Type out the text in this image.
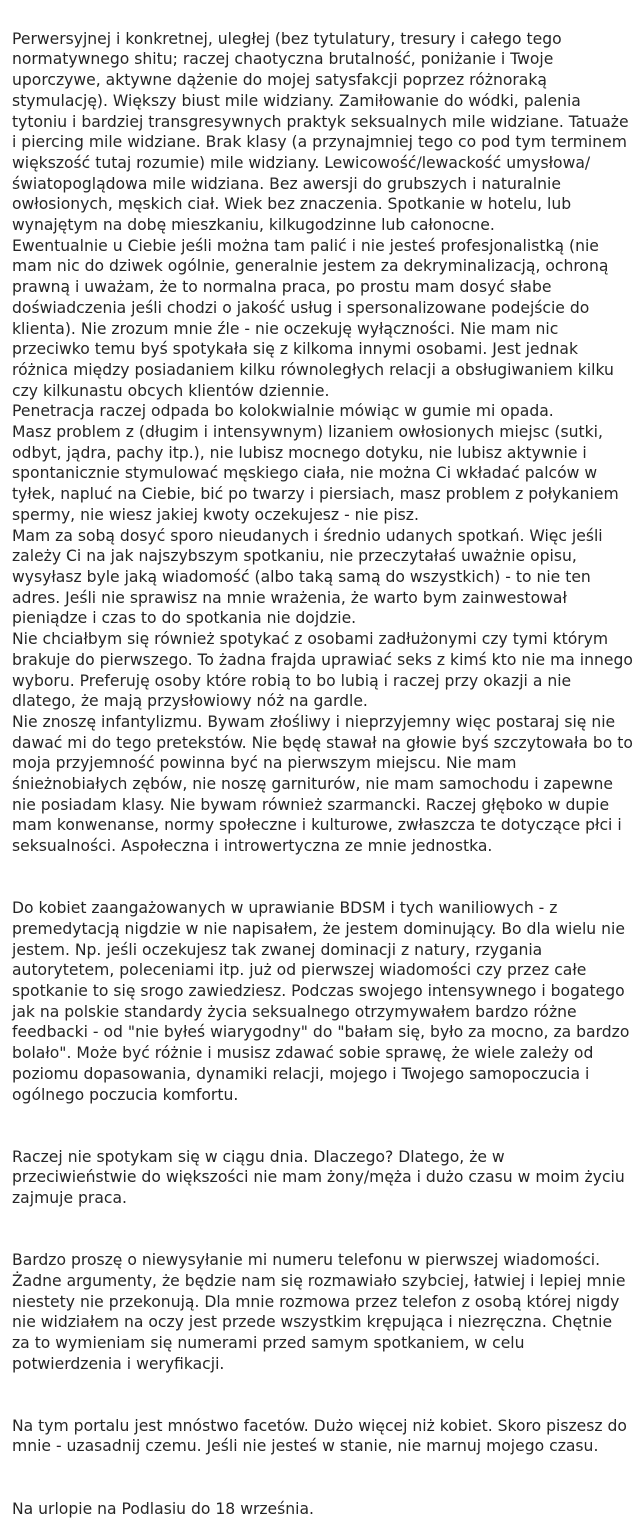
Perwersyjnej i konkretnej, uległej (bez tytulatury, tresury i całego tego normatywnego shitu; raczej chaotyczna brutalność, poniżanie i Twoje uporczywe, aktywne dążenie do mojej satysfakcji poprzez różnoraką stymulację). Większy biust mile widziany. Zamiłowanie do wódki, palenia tytoniu i bardziej transgresywnych praktyk seksualnych mile widziane. Tatuaże i piercing mile widziane. Brak klasy (a przynajmniej tego co pod tym terminem większość tutaj rozumie) mile widziany. Lewicowość/lewackość umysłowa/światopoglądowa mile widziana. Bez awersji do grubszych i naturalnie owłosionych, męskich ciał. Wiek bez znaczenia. Spotkanie w hotelu, lub wynajętym na dobę mieszkaniu, kilkugodzinne lub całonocne.
Ewentualnie u Ciebie jeśli można tam palić i nie jesteś profesjonalistką (nie mam nic do dziwek ogólnie, generalnie jestem za dekryminalizacją, ochroną prawną i uważam, że to normalna praca, po prostu mam dosyć słabe doświadczenia jeśli chodzi o jakość usług i spersonalizowane podejście do klienta). Nie zrozum mnie źle - nie oczekuję wyłączności. Nie mam nic przeciwko temu byś spotykała się z kilkoma innymi osobami. Jest jednak różnica między posiadaniem kilku równoległych relacji a obsługiwaniem kilku czy kilkunastu obcych klientów dziennie.
Penetracja raczej odpada bo kolokwialnie mówiąc w gumie mi opada.
Masz problem z (długim i intensywnym) lizaniem owłosionych miejsc (sutki, odbyt, jądra, pachy itp.), nie lubisz mocnego dotyku, nie lubisz aktywnie i spontanicznie stymulować męskiego ciała, nie można Ci wkładać palców w tyłek, napluć na Ciebie, bić po twarzy i piersiach, masz problem z połykaniem spermy, nie wiesz jakiej kwoty oczekujesz - nie pisz.
Mam za sobą dosyć sporo nieudanych i średnio udanych spotkań. Więc jeśli zależy Ci na jak najszybszym spotkaniu, nie przeczytałaś uważnie opisu, wysyłasz byle jaką wiadomość (albo taką samą do wszystkich) - to nie ten adres. Jeśli nie sprawisz na mnie wrażenia, że warto bym zainwestował pieniądze i czas to do spotkania nie dojdzie.
Nie chciałbym się również spotykać z osobami zadłużonymi czy tymi którym brakuje do pierwszego. To żadna frajda uprawiać seks z kimś kto nie ma innego wyboru. Preferuję osoby które robią to bo lubią i raczej przy okazji a nie dlatego, że mają przysłowiowy nóż na gardle.
Nie znoszę infantylizmu. Bywam złośliwy i nieprzyjemny więc postaraj się nie dawać mi do tego pretekstów. Nie będę stawał na głowie byś szczytowała bo to moja przyjemność powinna być na pierwszym miejscu. Nie mam śnieżnobiałych zębów, nie noszę garniturów, nie mam samochodu i zapewne nie posiadam klasy. Nie bywam również szarmancki. Raczej głęboko w dupie mam konwenanse, normy społeczne i kulturowe, zwłaszcza te dotyczące płci i seksualności. Aspołeczna i introwertyczna ze mnie jednostka.

Do kobiet zaangażowanych w uprawianie BDSM i tych waniliowych - z premedytacją nigdzie w nie napisałem, że jestem dominujący. Bo dla wielu nie jestem. Np. jeśli oczekujesz tak zwanej dominacji z natury, rzygania autorytetem, poleceniami itp. już od pierwszej wiadomości czy przez całe spotkanie to się srogo zawiedziesz. Podczas swojego intensywnego i bogatego jak na polskie standardy życia seksualnego otrzymywałem bardzo różne feedbacki - od "nie byłeś wiarygodny" do "bałam się, było za mocno, za bardzo bolało". Może być różnie i musisz zdawać sobie sprawę, że wiele zależy od poziomu dopasowania, dynamiki relacji, mojego i Twojego samopoczucia i ogólnego poczucia komfortu.

Raczej nie spotykam się w ciągu dnia. Dlaczego? Dlatego, że w przeciwieństwie do większości nie mam żony/męża i dużo czasu w moim życiu zajmuje praca.

Bardzo proszę o niewysyłanie mi numeru telefonu w pierwszej wiadomości. Żadne argumenty, że będzie nam się rozmawiało szybciej, łatwiej i lepiej mnie niestety nie przekonują. Dla mnie rozmowa przez telefon z osobą której nigdy nie widziałem na oczy jest przede wszystkim krępująca i niezręczna. Chętnie za to wymieniam się numerami przed samym spotkaniem, w celu potwierdzenia i weryfikacji.

Na tym portalu jest mnóstwo facetów. Dużo więcej niż kobiet. Skoro piszesz do mnie - uzasadnij czemu. Jeśli nie jesteś w stanie, nie marnuj mojego czasu.

Na urlopie na Podlasiu do 18 września.
